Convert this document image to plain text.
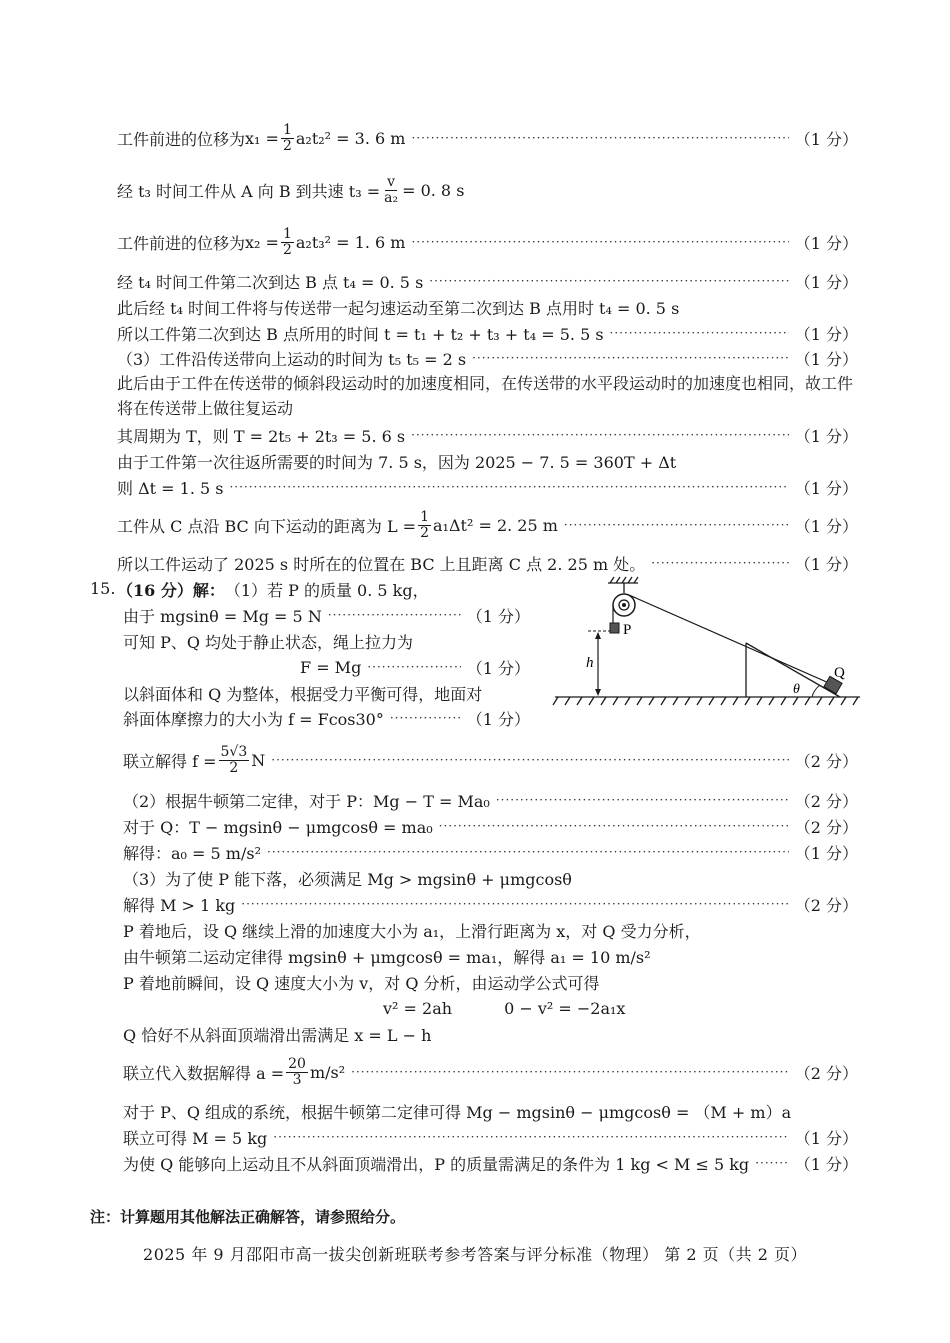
工件前进的位移为 $x_1 = \frac{1}{2} a_2t_2^2 = 3$. 6 m ·····	（1 分）
经 t₃ 时间工件从 A 向 B 到共速 $t_3 = \frac{v}{\text{a₂}} = 0$. 8 s
工件前进的位移为 $x_2 = \frac{1}{2} a_2t_3^2 = 1$. 6 m ·····	（1 分）
经 t₄ 时间工件第二次到达 B 点 t₄ = 0. 5 s ·····	（1 分）
此后经 t₄ 时间工件将与传送带一起匀速运动至第二次到达 B 点用时 t₄ = 0. 5 s
所以工件第二次到达 B 点所用的时间 t = t₁ + t₂ + t₃ + t₄ = 5. 5 s ·····	（1 分）
（3）工件沿传送带向上运动的时间为 t₅ t₅ = 2 s ·····	（1 分）
此后由于工件在传送带的倾斜段运动时的加速度相同，在传送带的水平段运动时的加速度也相同，故工件将在传送带上做往复运动
其周期为 T，则 T = 2t₅ + 2t₃ = 5. 6 s ·····	（1 分）
由于工件第一次往返所需要的时间为 7. 5 s，因为 2025 − 7. 5 = 360T + Δt
则 Δt = 1. 5 s ·····	（1 分）
工件从 C 点沿 BC 向下运动的距离为 $L = \frac{1}{2} a_1\Delta t^2 = 2$. 25 m ·····	（1 分）
所以工件运动了 2025 s 时所在的位置在 BC 上且距离 C 点 2. 25 m 处。 ·····	（1 分）
15. （16 分）解： （1）若 P 的质量 0. 5 kg，
由于 mgsinθ = Mg = 5 N ·····	（1 分）
可知 P、Q 均处于静止状态，绳上拉力为
F = Mg ·····	（1 分）
以斜面体和 Q 为整体，根据受力平衡可得，地面对
斜面体摩擦力的大小为 f = Fcos30° ·····	（1 分）
P
h
Q
θ
联立解得 $f = \frac{5√3}{2}$ N ·····	（2 分）
（2）根据牛顿第二定律，对于 P：Mg − T = Ma₀ ·····	（2 分）
对于 Q：T − mgsinθ − μmgcosθ = ma₀ ·····	（2 分）
解得：a₀ = 5 m/s² ·····	（1 分）
（3）为了使 P 能下落，必须满足 Mg > mgsinθ + μmgcosθ
解得 M > 1 kg ·····	（2 分）
P 着地后，设 Q 继续上滑的加速度大小为 a₁，上滑行距离为 x，对 Q 受力分析，
由牛顿第二运动定律得 mgsinθ + μmgcosθ = ma₁，解得 a₁ = 10 m/s²
P 着地前瞬间，设 Q 速度大小为 v，对 Q 分析，由运动学公式可得
v² = 2ah	0 − v² = −2a₁x
Q 恰好不从斜面顶端滑出需满足 x = L − h
联立代入数据解得 $a = \frac{20}{3} m/s^2$ ·····	（2 分）
对于 P、Q 组成的系统，根据牛顿第二定律可得 Mg − mgsinθ − μmgcosθ = （M + m）a
联立可得 M = 5 kg ·····	（1 分）
为使 Q 能够向上运动且不从斜面顶端滑出，P 的质量需满足的条件为 1 kg < M ≤ 5 kg ·····	（1 分）
注：计算题用其他解法正确解答，请参照给分。
2025 年 9 月邵阳市高一拔尖创新班联考参考答案与评分标准（物理） 第 2 页（共 2 页）
